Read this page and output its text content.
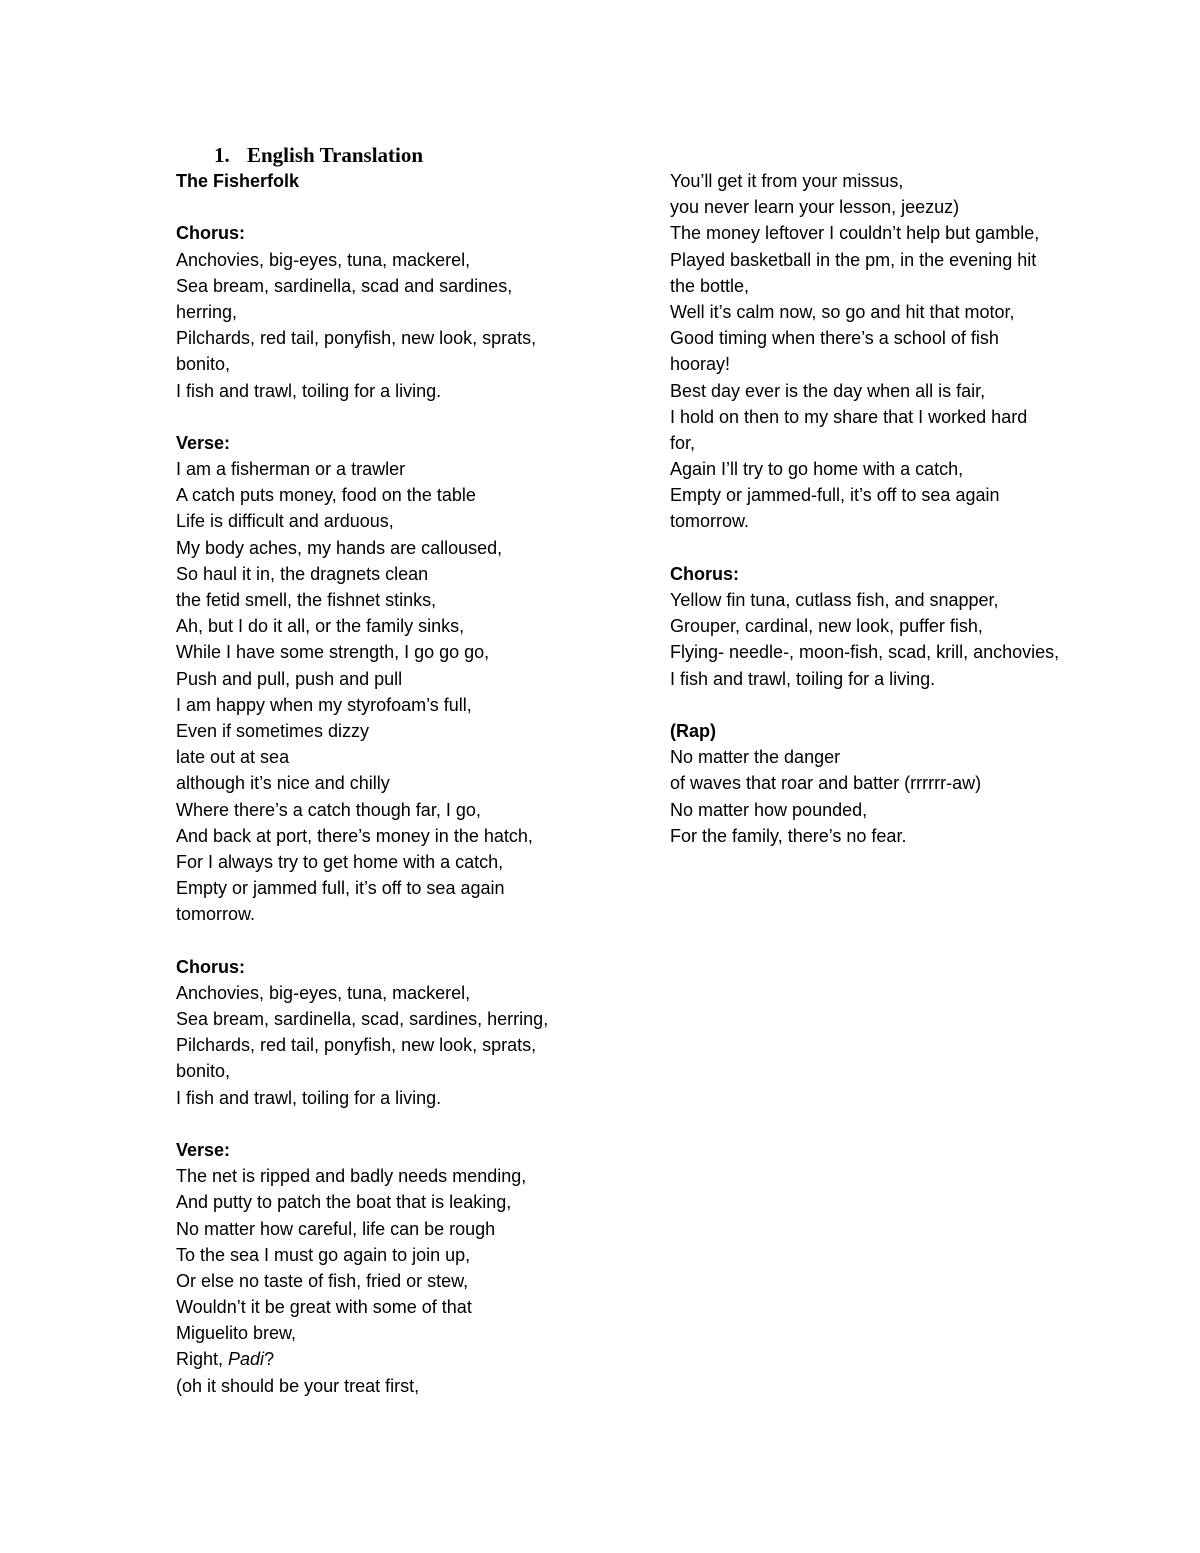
1. English Translation
The Fisherfolk
Chorus:
Anchovies, big-eyes, tuna, mackerel,
Sea bream, sardinella, scad and sardines,
herring,
Pilchards, red tail, ponyfish, new look, sprats,
bonito,
I fish and trawl, toiling for a living.
Verse:
I am a fisherman or a trawler
A catch puts money, food on the table
Life is difficult and arduous,
My body aches, my hands are calloused,
So haul it in, the dragnets clean
the fetid smell, the fishnet stinks,
Ah, but I do it all, or the family sinks,
While I have some strength, I go go go,
Push and pull, push and pull
I am happy when my styrofoam’s full,
Even if sometimes dizzy
late out at sea
although it’s nice and chilly
Where there’s a catch though far, I go,
And back at port, there’s money in the hatch,
For I always try to get home with a catch,
Empty or jammed full, it’s off to sea again
tomorrow.
Chorus:
Anchovies, big-eyes, tuna, mackerel,
Sea bream, sardinella, scad, sardines, herring,
Pilchards, red tail, ponyfish, new look, sprats,
bonito,
I fish and trawl, toiling for a living.
Verse:
The net is ripped and badly needs mending,
And putty to patch the boat that is leaking,
No matter how careful, life can be rough
To the sea I must go again to join up,
Or else no taste of fish, fried or stew,
Wouldn’t it be great with some of that
Miguelito brew,
Right, Padi?
(oh it should be your treat first,
You’ll get it from your missus,
you never learn your lesson, jeezuz)
The money leftover I couldn’t help but gamble,
Played basketball in the pm, in the evening hit
the bottle,
Well it’s calm now, so go and hit that motor,
Good timing when there’s a school of fish
hooray!
Best day ever is the day when all is fair,
I hold on then to my share that I worked hard
for,
Again I’ll try to go home with a catch,
Empty or jammed-full, it’s off to sea again
tomorrow.
Chorus:
Yellow fin tuna, cutlass fish, and snapper,
Grouper, cardinal, new look, puffer fish,
Flying- needle-, moon-fish, scad, krill, anchovies,
I fish and trawl, toiling for a living.
(Rap)
No matter the danger
of waves that roar and batter (rrrrrr-aw)
No matter how pounded,
For the family, there’s no fear.
